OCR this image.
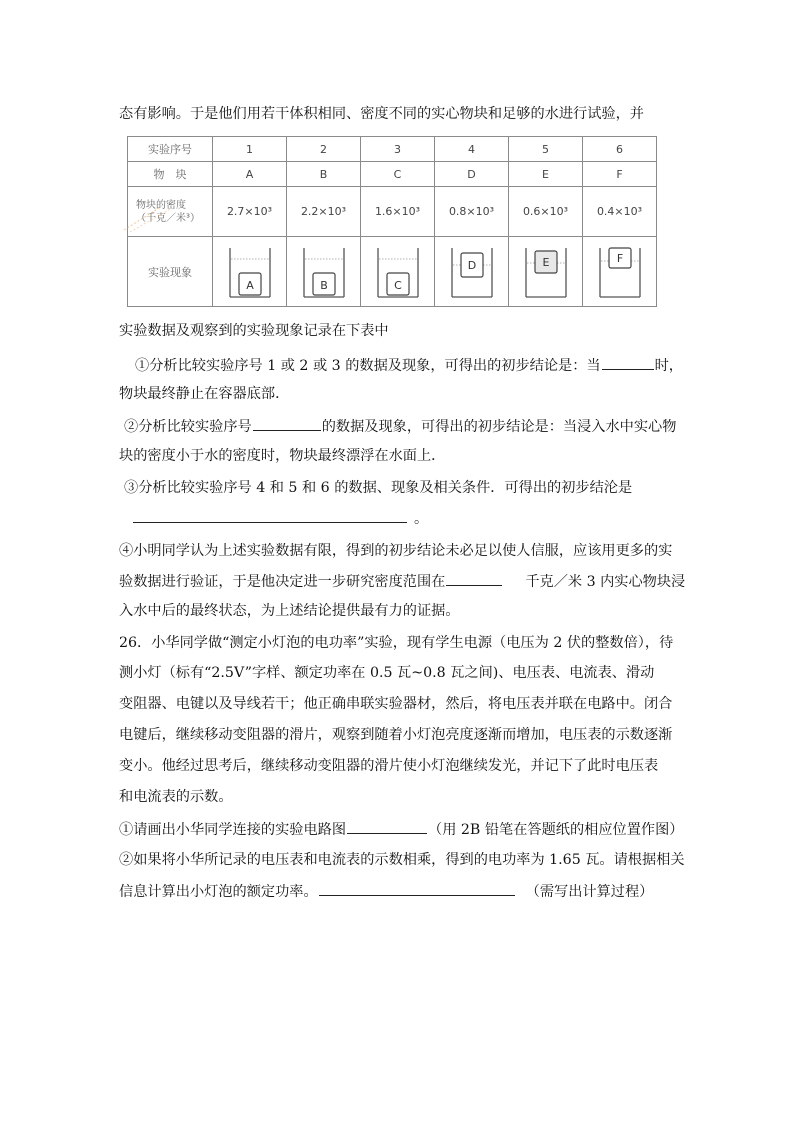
态有影响。于是他们用若干体积相同、密度不同的实心物块和足够的水进行试验，并
实验序号	1	2	3	4	5	6
物　块	A	B	C	D	E	F

物块的密度
（千克／米³）	2.7×10³	2.2×10³	1.6×10³	0.8×10³	0.6×10³	0.4×10³
实验现象	A	B	C	D	E	F
实验数据及观察到的实验现象记录在下表中
①分析比较实验序号 1 或 2 或 3 的数据及现象，可得出的初步结论是：当	时，
物块最终静止在容器底部．
②分析比较实验序号	的数据及现象，可得出的初步结论是：当浸入水中实心物
块的密度小于水的密度时，物块最终漂浮在水面上．
③分析比较实验序号 4 和 5 和 6 的数据、现象及相关条件．可得出的初步结沦是
。
④小明同学认为上述实验数据有限，得到的初步结论未必足以使人信服，应该用更多的实
验数据进行验证，于是他决定进一步研究密度范围在	千克／米 3 内实心物块浸
入水中后的最终状态，为上述结论提供最有力的证据。
26．小华同学做“测定小灯泡的电功率”实验，现有学生电源（电压为 2 伏的整数倍），待
测小灯（标有“2.5V”字样、额定功率在 0.5 瓦~0.8 瓦之间)、电压表、电流表、滑动
变阻器、电键以及导线若干；他正确串联实验器材，然后，将电压表并联在电路中。闭合
电键后，继续移动变阻器的滑片，观察到随着小灯泡亮度逐渐而增加，电压表的示数逐渐
变小。他经过思考后，继续移动变阻器的滑片使小灯泡继续发光，并记下了此时电压表
和电流表的示数。
①请画出小华同学连接的实验电路图	（用 2B 铅笔在答题纸的相应位置作图）
②如果将小华所记录的电压表和电流表的示数相乘，得到的电功率为 1.65 瓦。请根据相关
信息计算出小灯泡的额定功率。	（需写出计算过程）
